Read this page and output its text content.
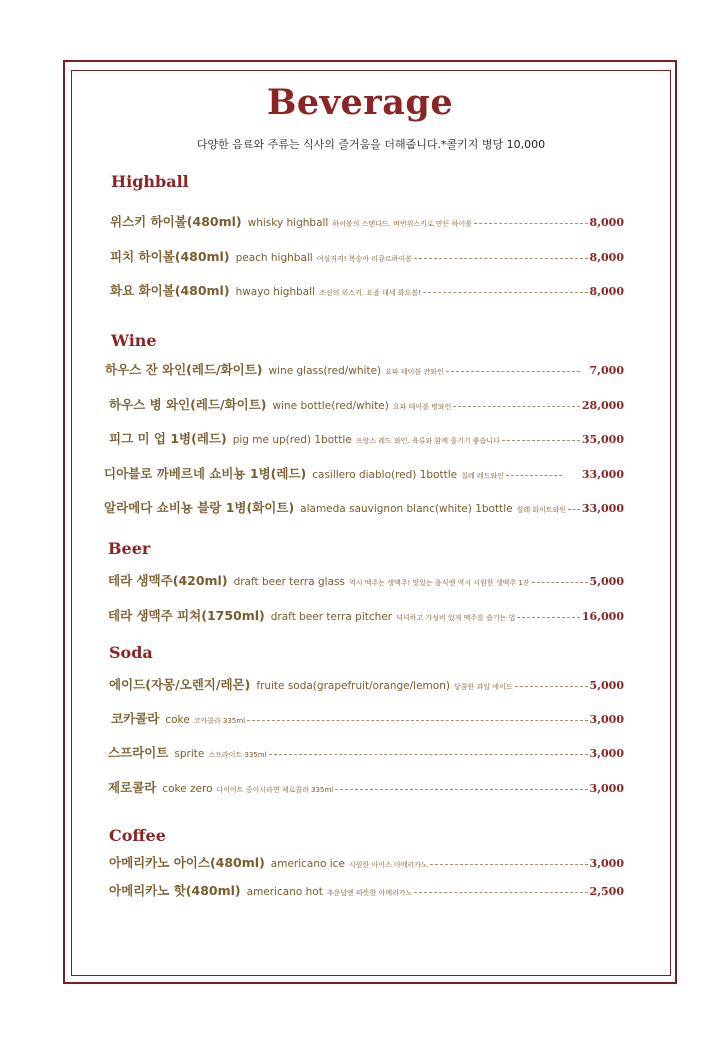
Beverage
다양한 음료와 주류는 식사의 즐거움을 더해줍니다.*콜키지 병당 10,000
Highball
위스키 하이볼(480ml) whisky highball 하이볼의 스탠다드. 버번위스키로 만든 하이볼	8,000
피치 하이볼(480ml) peach highball 여심저격! 복숭아 리큐르하이볼	8,000
화요 화이볼(480ml) hwayo highball 조선의 위스키. 요즘 대세 화요볼!	8,000
Wine
하우스 잔 와인(레드/화이트) wine glass(red/white) 요파 테이블 잔와인	7,000
하우스 병 와인(레드/화이트) wine bottle(red/white) 요파 테이블 병와인	28,000
피그 미 업 1병(레드) pig me up(red) 1bottle 프랑스 레드 와인. 육류와 함께 즐기기 좋습니다	35,000
디아블로 까베르네 쇼비뇽 1병(레드) casillero diablo(red) 1bottle 칠레 레드와인	33,000
알라메다 쇼비뇽 블랑 1병(화이트) alameda sauvignon blanc(white) 1bottle 칠레 화이트와인 33,000
Beer
테라 생맥주(420ml) draft beer terra glass 역시 맥주는 생맥주! 맛있는 음식엔 역시 시원한 생맥주 1잔	5,000
테라 생맥주 피쳐(1750ml) draft beer terra pitcher 넉넉하고 가성비 있게 맥주를 즐기는 법	16,000
Soda
에이드(자몽/오렌지/레몬) fruite soda(grapefruit/orange/lemon) 달콤한 과일 에이드	5,000
코카콜라 coke 코카콜라 335ml	3,000
스프라이트 sprite 스프라이트 335ml	3,000
제로콜라 coke zero 다이어트 중이시라면 제로콜라 335ml	3,000
Coffee
아메리카노 아이스(480ml) americano ice 시원한 아이스 아메리카노	3,000
아메리카노 핫(480ml) americano hot 추운날엔 따뜻한 아메리카노	2,500
